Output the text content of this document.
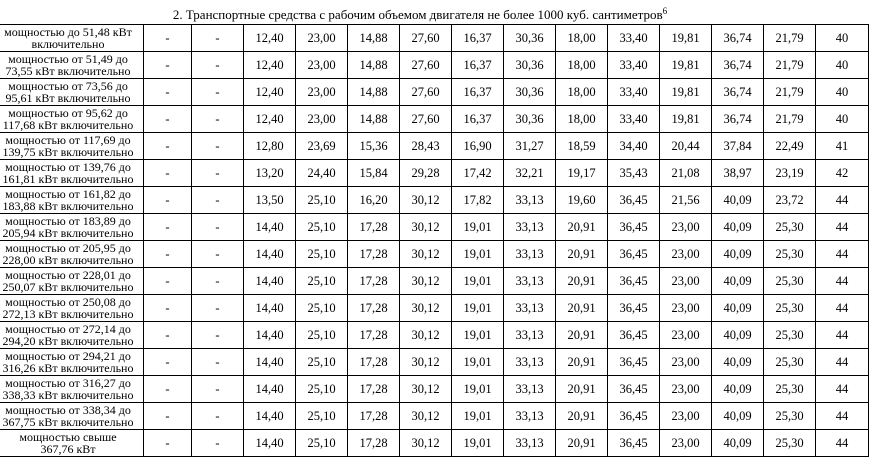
2. Транспортные средства с рабочим объемом двигателя не более 1000 куб. сантиметров$^6$
мощностью до 51,48 кВт
включительно	-	-	12,40	23,00	14,88	27,60	16,37	30,36	18,00	33,40	19,81	36,74	21,79	40

мощностью от 51,49 до
73,55 кВт включительно	-	-	12,40	23,00	14,88	27,60	16,37	30,36	18,00	33,40	19,81	36,74	21,79	40

мощностью от 73,56 до
95,61 кВт включительно	-	-	12,40	23,00	14,88	27,60	16,37	30,36	18,00	33,40	19,81	36,74	21,79	40

мощностью от 95,62 до
117,68 кВт включительно	-	-	12,40	23,00	14,88	27,60	16,37	30,36	18,00	33,40	19,81	36,74	21,79	40

мощностью от 117,69 до
139,75 кВт включительно	-	-	12,80	23,69	15,36	28,43	16,90	31,27	18,59	34,40	20,44	37,84	22,49	41

мощностью от 139,76 до
161,81 кВт включительно	-	-	13,20	24,40	15,84	29,28	17,42	32,21	19,17	35,43	21,08	38,97	23,19	42

мощностью от 161,82 до
183,88 кВт включительно	-	-	13,50	25,10	16,20	30,12	17,82	33,13	19,60	36,45	21,56	40,09	23,72	44

мощностью от 183,89 до
205,94 кВт включительно	-	-	14,40	25,10	17,28	30,12	19,01	33,13	20,91	36,45	23,00	40,09	25,30	44

мощностью от 205,95 до
228,00 кВт включительно	-	-	14,40	25,10	17,28	30,12	19,01	33,13	20,91	36,45	23,00	40,09	25,30	44

мощностью от 228,01 до
250,07 кВт включительно	-	-	14,40	25,10	17,28	30,12	19,01	33,13	20,91	36,45	23,00	40,09	25,30	44

мощностью от 250,08 до
272,13 кВт включительно	-	-	14,40	25,10	17,28	30,12	19,01	33,13	20,91	36,45	23,00	40,09	25,30	44

мощностью от 272,14 до
294,20 кВт включительно	-	-	14,40	25,10	17,28	30,12	19,01	33,13	20,91	36,45	23,00	40,09	25,30	44

мощностью от 294,21 до
316,26 кВт включительно	-	-	14,40	25,10	17,28	30,12	19,01	33,13	20,91	36,45	23,00	40,09	25,30	44

мощностью от 316,27 до
338,33 кВт включительно	-	-	14,40	25,10	17,28	30,12	19,01	33,13	20,91	36,45	23,00	40,09	25,30	44

мощностью от 338,34 до
367,75 кВт включительно	-	-	14,40	25,10	17,28	30,12	19,01	33,13	20,91	36,45	23,00	40,09	25,30	44

мощностью свыше
367,76 кВт	-	-	14,40	25,10	17,28	30,12	19,01	33,13	20,91	36,45	23,00	40,09	25,30	44
